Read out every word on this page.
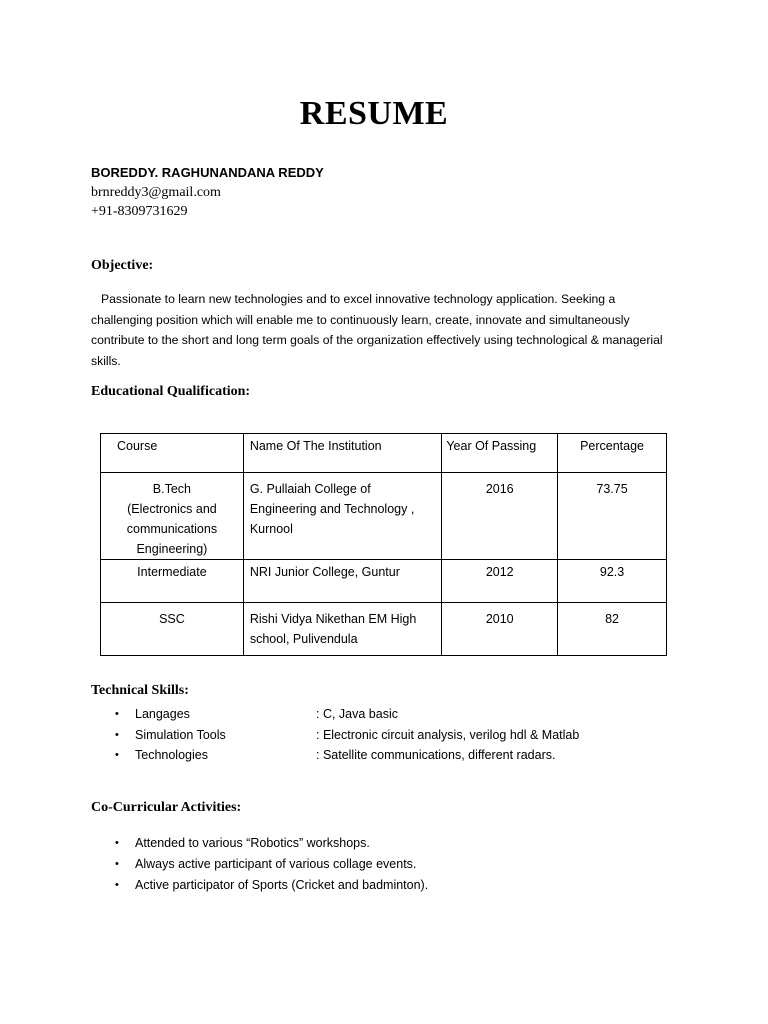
RESUME
BOREDDY. RAGHUNANDANA REDDY
brnreddy3@gmail.com
+91-8309731629
Objective:
Passionate to learn new technologies and to excel innovative technology application. Seeking a challenging position which will enable me to continuously learn, create, innovate and simultaneously contribute to the short and long term goals of the organization effectively using technological & managerial skills.
Educational Qualification:
Course	Name Of The Institution	Year Of Passing	Percentage

B.Tech
(Electronics and
communications
Engineering)	G. Pullaiah College of Engineering and Technology , Kurnool	2016	73.75

Intermediate	NRI Junior College, Guntur	2012	92.3

SSC	Rishi Vidya Nikethan EM High school, Pulivendula	2010	82
Technical Skills:
• Langages	: C, Java basic
• Simulation Tools	: Electronic circuit analysis, verilog hdl & Matlab
• Technologies	: Satellite communications, different radars.
Co-Curricular Activities:
• Attended to various “Robotics” workshops.
• Always active participant of various collage events.
• Active participator of Sports (Cricket and badminton).
